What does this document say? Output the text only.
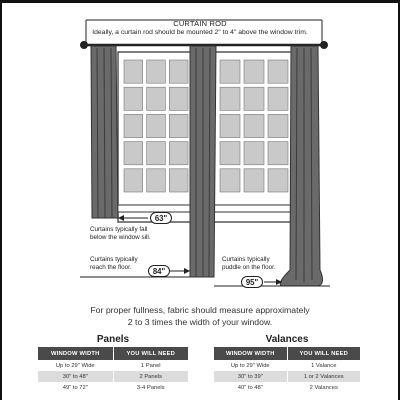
CURTAIN ROD
Ideally, a curtain rod should be mounted 2" to 4" above the window trim.
63"
84"
95"
Curtains typically fall
below the window sill.
Curtains typically
reach the floor.
Curtains typically
puddle on the floor.
For proper fullness, fabric should measure approximately
2 to 3 times the width of your window.
Panels
WINDOW WIDTH	YOU WILL NEED
Up to 29" Wide	1 Panel
30" to 48"	2 Panels
49" to 72"	3-4 Panels
Valances
WINDOW WIDTH	YOU WILL NEED
Up to 29" Wide	1 Valance
30" to 39"	1 or 2 Valances
40" to 48"	2 Valances
